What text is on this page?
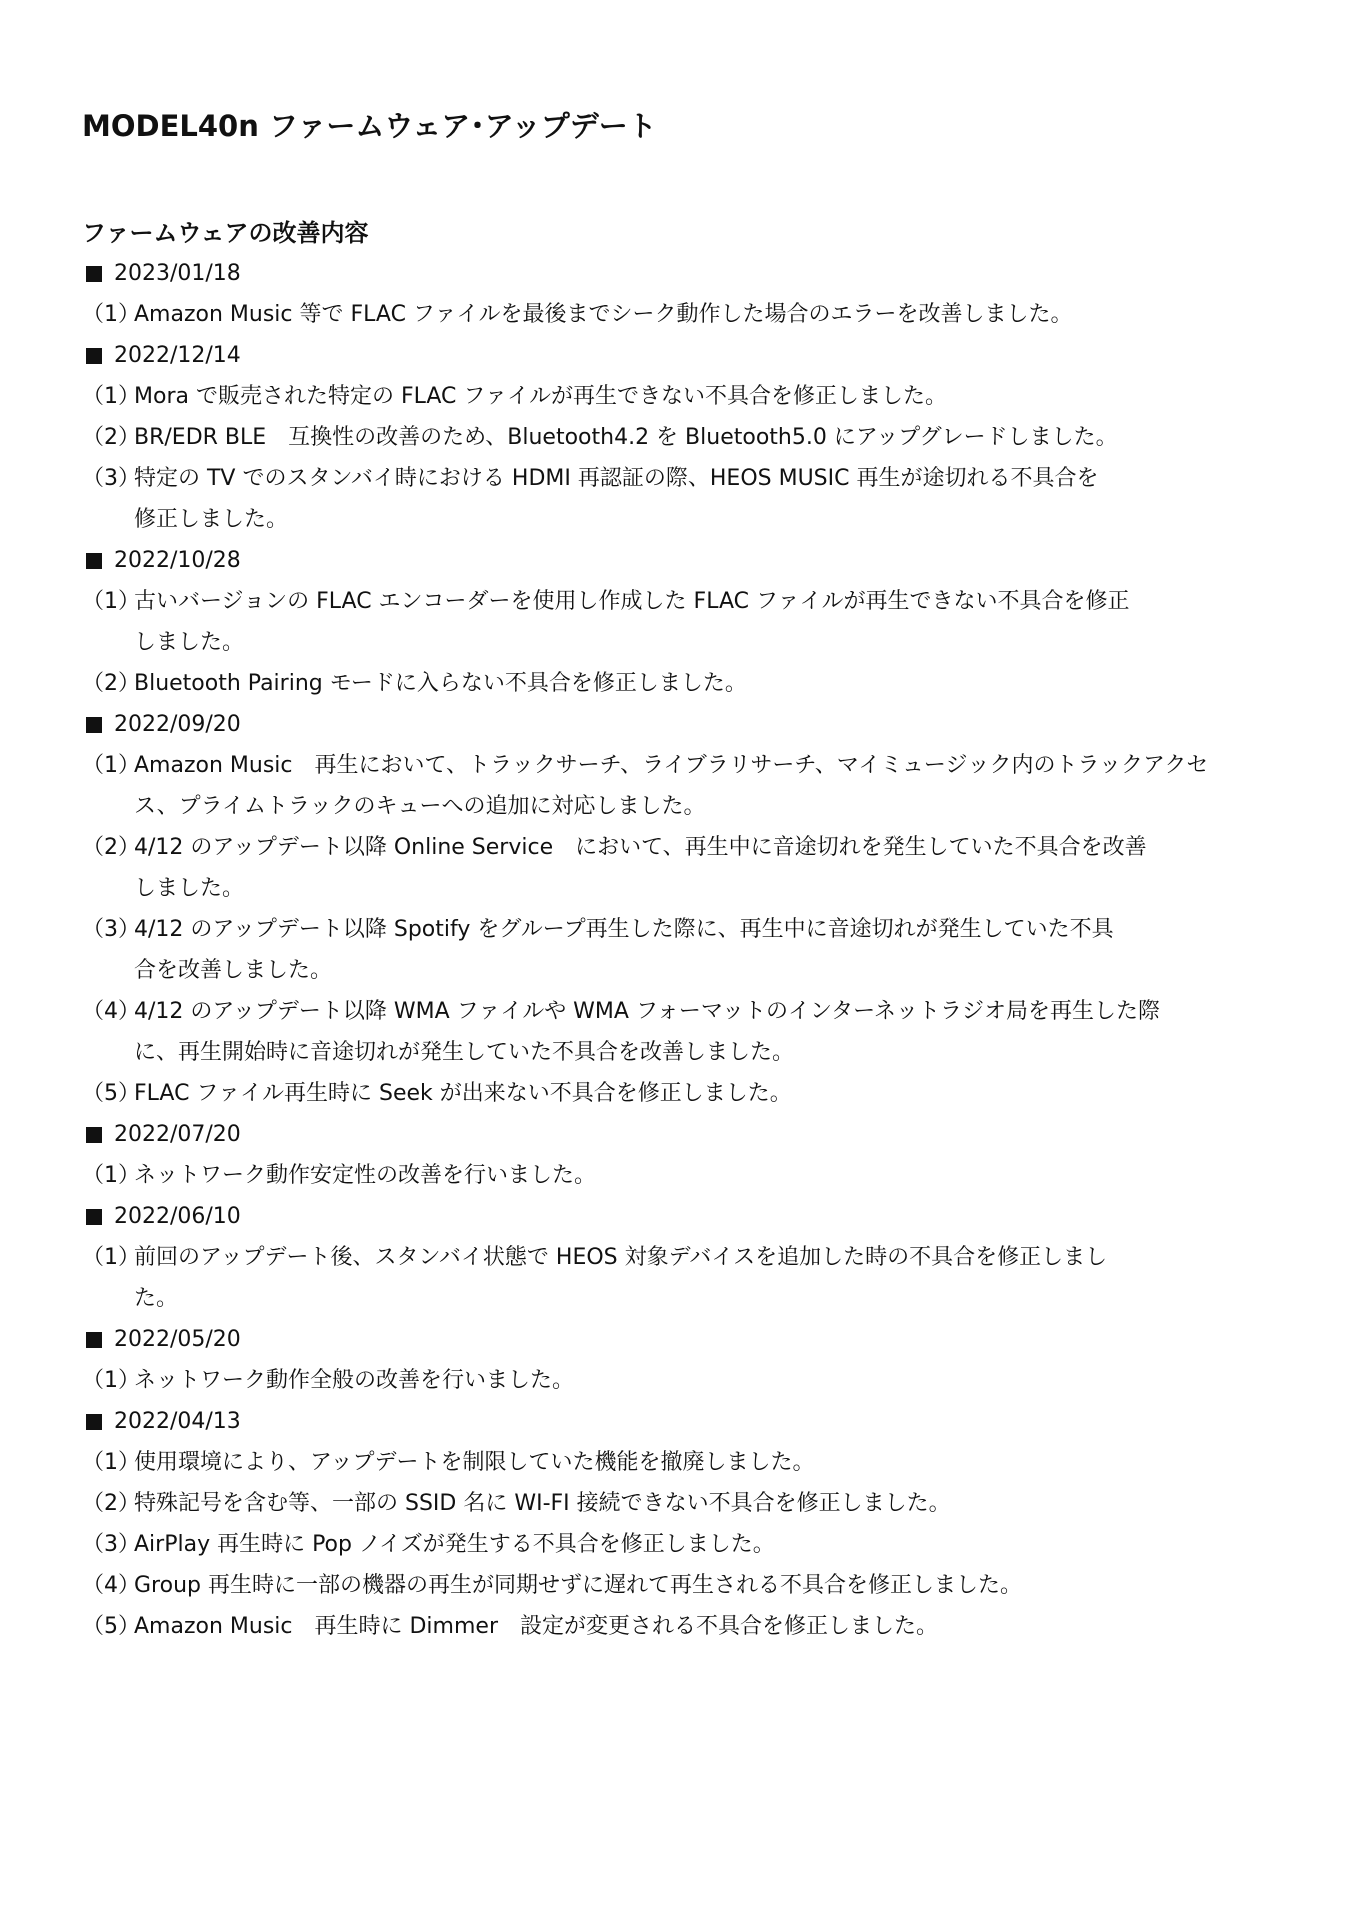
MODEL40n ファームウェア･アップデート
ファームウェアの改善内容
2023/01/18
（1）
Amazon Music 等で FLAC ファイルを最後までシーク動作した場合のエラーを改善しました。
2022/12/14
（1）
Mora で販売された特定の FLAC ファイルが再生できない不具合を修正しました。
（2）
BR/EDR BLE　互換性の改善のため、Bluetooth4.2 を Bluetooth5.0 にアップグレードしました。
（3）
特定の TV でのスタンバイ時における HDMI 再認証の際、HEOS MUSIC 再生が途切れる不具合を
修正しました。
2022/10/28
（1）
古いバージョンの FLAC エンコーダーを使用し作成した FLAC ファイルが再生できない不具合を修正
しました。
（2）
Bluetooth Pairing モードに入らない不具合を修正しました。
2022/09/20
（1）
Amazon Music　再生において、トラックサーチ、ライブラリサーチ、マイミュージック内のトラックアクセ
ス、プライムトラックのキューへの追加に対応しました。
（2）
4/12 のアップデート以降 Online Service　において、再生中に音途切れを発生していた不具合を改善
しました。
（3）
4/12 のアップデート以降 Spotify をグループ再生した際に、再生中に音途切れが発生していた不具
合を改善しました。
（4）
4/12 のアップデート以降 WMA ファイルや WMA フォーマットのインターネットラジオ局を再生した際
に、再生開始時に音途切れが発生していた不具合を改善しました。
（5）
FLAC ファイル再生時に Seek が出来ない不具合を修正しました。
2022/07/20
（1）
ネットワーク動作安定性の改善を行いました。
2022/06/10
（1）
前回のアップデート後、スタンバイ状態で HEOS 対象デバイスを追加した時の不具合を修正しまし
た。
2022/05/20
（1）
ネットワーク動作全般の改善を行いました。
2022/04/13
（1）
使用環境により、アップデートを制限していた機能を撤廃しました。
（2）
特殊記号を含む等、一部の SSID 名に WI-FI 接続できない不具合を修正しました。
（3）
AirPlay 再生時に Pop ノイズが発生する不具合を修正しました。
（4）
Group 再生時に一部の機器の再生が同期せずに遅れて再生される不具合を修正しました。
（5）
Amazon Music　再生時に Dimmer　設定が変更される不具合を修正しました。
